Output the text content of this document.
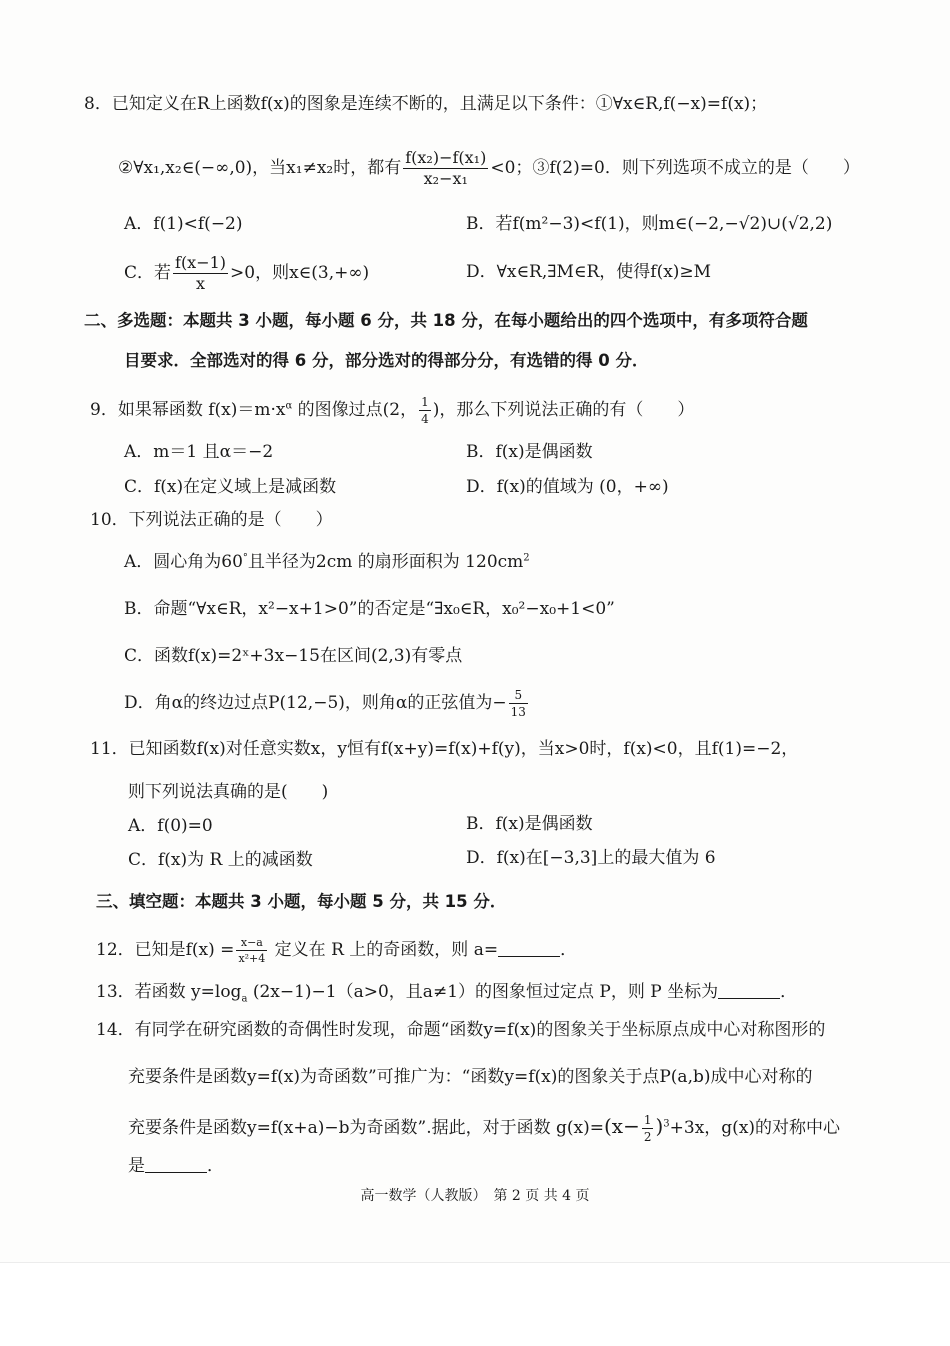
8．已知定义在R上函数f(x)的图象是连续不断的，且满足以下条件：①∀x∈R,f(−x)=f(x)；
②∀x₁,x₂∈(−∞,0)，当x₁≠x₂时，都有 $\frac{\text{f(x₂)−f(x₁)}}{\text{x₂−x₁}} <0$；③f(2)=0．则下列选项不成立的是（　　）
A．f(1)<f(−2)	B．若f(m²−3)<f(1)，则m∈(−2,−√2)∪(√2,2)
C．若 $\frac{f(x-1)}{x} >0$，则x∈(3,+∞)	D．∀x∈R,∃M∈R，使得f(x)≥M
二、多选题：本题共 3 小题，每小题 6 分，共 18 分，在每小题给出的四个选项中，有多项符合题
目要求．全部选对的得 6 分，部分选对的得部分分，有选错的得 0 分．
9．如果幂函数 $f(x)=m\cdot x^\alpha$ 的图像过点(2， $\frac{1}{4}$ )，那么下列说法正确的有（　　）
A．m＝1 且α＝−2	B．f(x)是偶函数
C．f(x)在定义域上是减函数	D．f(x)的值域为 (0，+∞)
10．下列说法正确的是（　　）
A．圆心角为60°且半径为2cm 的扇形面积为 $120cm^2$
B．命题“∀x∈R，x²−x+1>0”的否定是“∃x₀∈R，x₀²−x₀+1<0”
C．函数f(x)=2ˣ+3x−15在区间(2,3)有零点
D．角α的终边过点P(12,−5)，则角α的正弦值为− $\frac{5}{13}$
11．已知函数f(x)对任意实数x，y恒有f(x+y)=f(x)+f(y)，当x>0时，f(x)<0，且f(1)=−2，
则下列说法真确的是(　　)
A．f(0)=0	B．f(x)是偶函数
C．f(x)为 R 上的减函数	D．f(x)在[−3,3]上的最大值为 6
三、填空题：本题共 3 小题，每小题 5 分，共 15 分．
12．已知是$f(x) = \frac{x-a}{\text{x²+4}}$ 定义在 R 上的奇函数，则 a=	．
13．若函数 $y=\log_a$ (2x−1)−1（a>0，且a≠1）的图象恒过定点 P，则 P 坐标为	．
14．有同学在研究函数的奇偶性时发现，命题“函数y=f(x)的图象关于坐标原点成中心对称图形的
充要条件是函数y=f(x)为奇函数”可推广为：“函数y=f(x)的图象关于点P(a,b)成中心对称的
充要条件是函数y=f(x+a)−b为奇函数”.据此，对于函数 $g(x)=(x- \frac{1}{2} )^3+3x$，g(x)的对称中心
是	．
高一数学（人教版）　第 2 页 共 4 页
